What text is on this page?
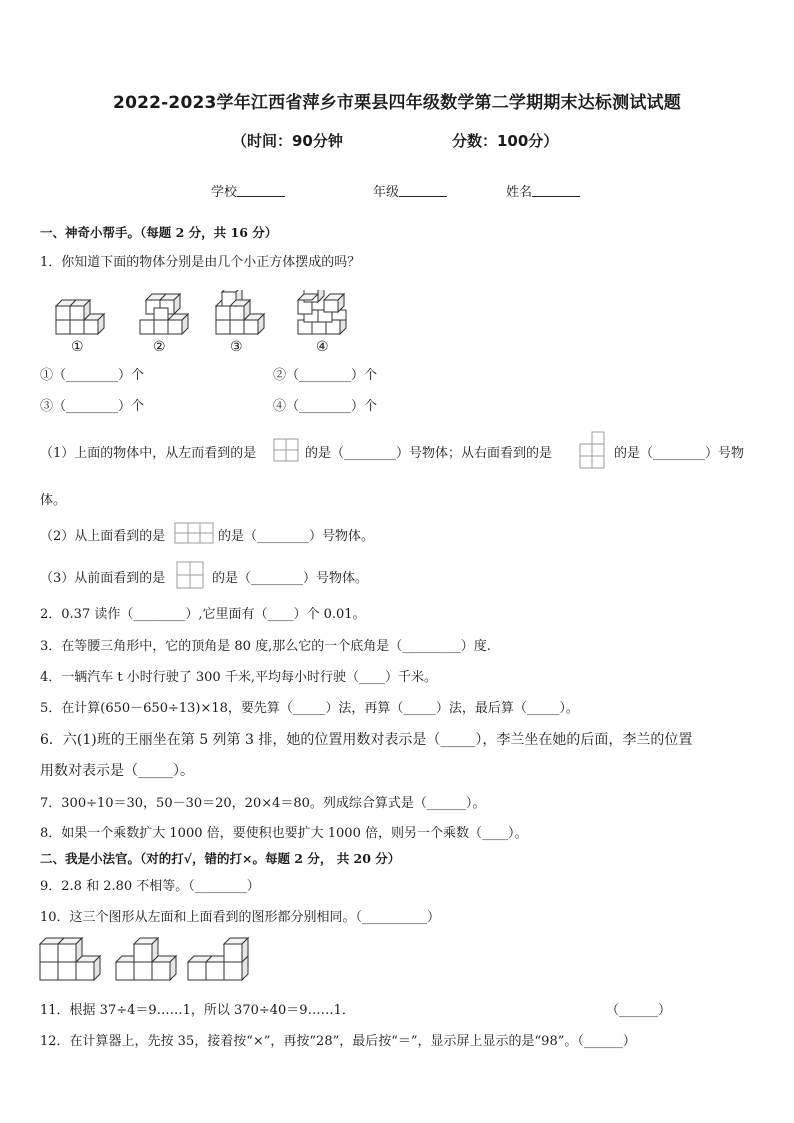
2022-2023学年江西省萍乡市栗县四年级数学第二学期期末达标测试试题
（时间：90分钟	分数：100分）
学校	年级	姓名
一、神奇小帮手。（每题 2 分，共 16 分）
1．你知道下面的物体分别是由几个小正方体摆成的吗？
①	②	③	④
①（________）个	②（________）个
③（________）个	④（________）个
（1）上面的物体中，从左而看到的是	的是（________）号物体；从右面看到的是	的是（________）号物
体。
（2）从上面看到的是	的是（________）号物体。
（3）从前面看到的是	的是（________）号物体。
2．0.37 读作（________）,它里面有（____）个 0.01。
3．在等腰三角形中，它的顶角是 80 度,那么它的一个底角是（_________）度.
4．一辆汽车 t 小时行驶了 300 千米,平均每小时行驶（____）千米。
5．在计算(650－650÷13)×18，要先算（_____）法，再算（_____）法，最后算（_____）。
6．六(1)班的王丽坐在第 5 列第 3 排，她的位置用数对表示是（_____），李兰坐在她的后面，李兰的位置
用数对表示是（_____）。
7．300÷10＝30，50－30＝20，20×4＝80。列成综合算式是（______）。
8．如果一个乘数扩大 1000 倍，要使积也要扩大 1000 倍，则另一个乘数（____）。
二、我是小法官。（对的打√，错的打×。每题 2 分， 共 20 分）
9．2.8 和 2.80 不相等。（________）
10．这三个图形从左面和上面看到的图形都分别相同。（__________）
11．根据 37÷4＝9……1，所以 370÷40＝9……1．	（______）
12．在计算器上，先按 35，接着按“×”，再按“28”，最后按“＝”，显示屏上显示的是“98”。（______）
